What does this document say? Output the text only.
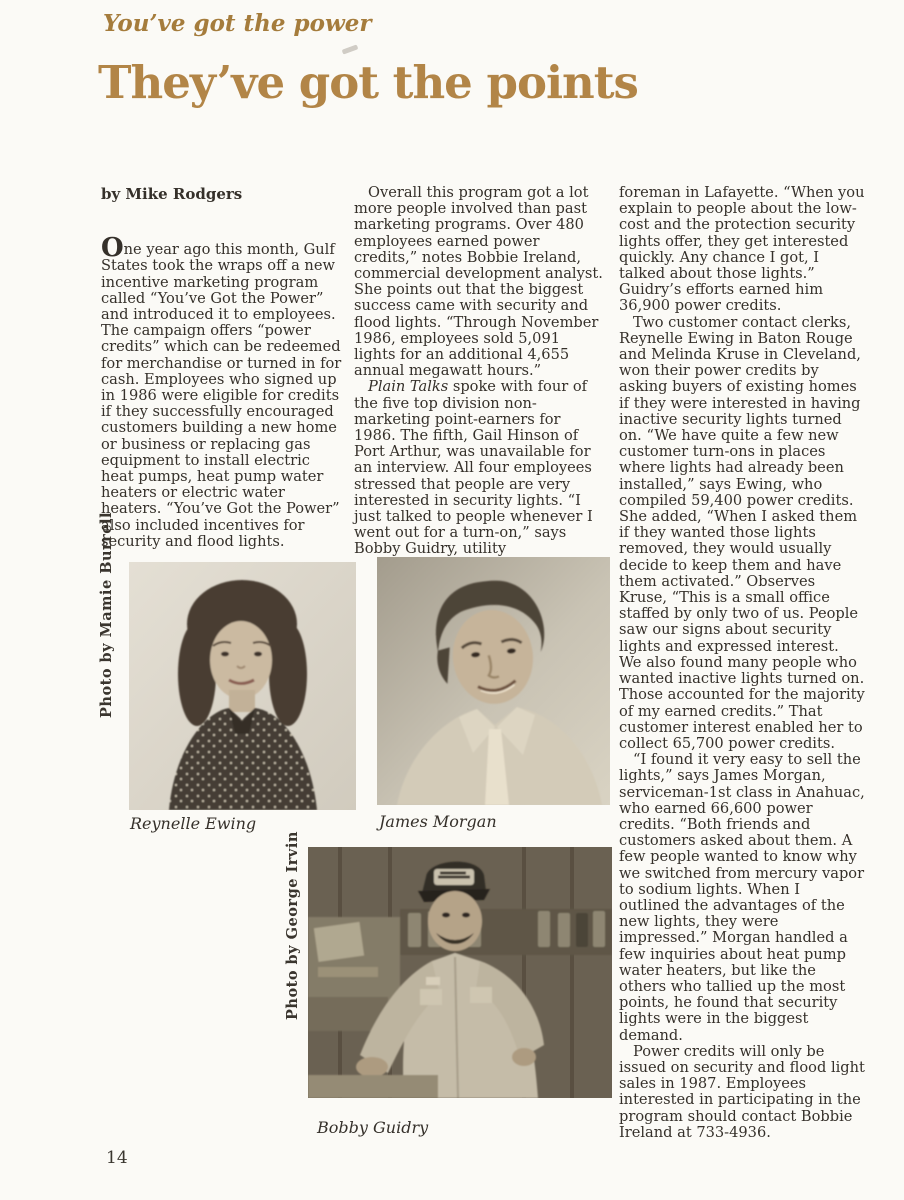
You’ve got the power
They’ve got the points

by Mike Rodgers

One year ago this month, Gulf States took the wraps off a new incentive marketing program called “You’ve Got the Power” and introduced it to employees. The campaign offers “power credits” which can be redeemed for merchandise or turned in for cash. Employees who signed up in 1986 were eligible for credits if they successfully encouraged customers building a new home or business or replacing gas equipment to install electric heat pumps, heat pump water heaters or electric water heaters. “You’ve Got the Power” also included incentives for security and flood lights.

Overall this program got a lot more people involved than past marketing programs. Over 480 employees earned power credits,” notes Bobbie Ireland, commercial development analyst. She points out that the biggest success came with security and flood lights. “Through November 1986, employees sold 5,091 lights for an additional 4,655 annual megawatt hours.”

Plain Talks spoke with four of the five top division non-marketing point-earners for 1986. The fifth, Gail Hinson of Port Arthur, was unavailable for an interview. All four employees stressed that people are very interested in security lights. “I just talked to people whenever I went out for a turn-on,” says Bobby Guidry, utility

foreman in Lafayette. “When you explain to people about the low-cost and the protection security lights offer, they get interested quickly. Any chance I got, I talked about those lights.” Guidry’s efforts earned him 36,900 power credits.

Two customer contact clerks, Reynelle Ewing in Baton Rouge and Melinda Kruse in Cleveland, won their power credits by asking buyers of existing homes if they were interested in having inactive security lights turned on. “We have quite a few new customer turn-ons in places where lights had already been installed,” says Ewing, who compiled 59,400 power credits. She added, “When I asked them if they wanted those lights removed, they would usually decide to keep them and have them activated.” Observes Kruse, “This is a small office staffed by only two of us. People saw our signs about security lights and expressed interest. We also found many people who wanted inactive lights turned on. Those accounted for the majority of my earned credits.” That customer interest enabled her to collect 65,700 power credits.

“I found it very easy to sell the lights,” says James Morgan, serviceman-1st class in Anahuac, who earned 66,600 power credits. “Both friends and customers asked about them. A few people wanted to know why we switched from mercury vapor to sodium lights. When I outlined the advantages of the new lights, they were impressed.” Morgan handled a few inquiries about heat pump water heaters, but like the others who tallied up the most points, he found that security lights were in the biggest demand.

Power credits will only be issued on security and flood light sales in 1987. Employees interested in participating in the program should contact Bobbie Ireland at 733-4936.

Photo by Mamie Burrell
Reynelle Ewing	James Morgan
Photo by George Irvin
Bobby Guidry
14
